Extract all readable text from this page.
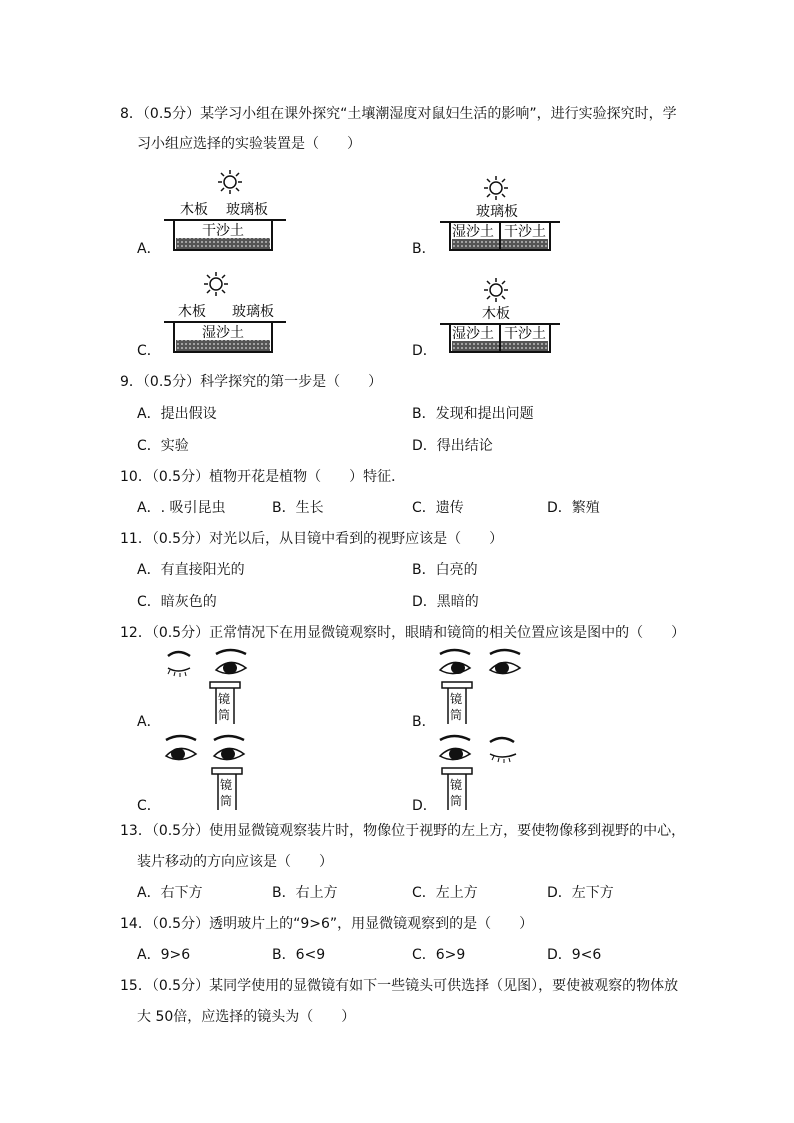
8．（0.5分）某学习小组在课外探究“土壤潮湿度对鼠妇生活的影响”，进行实验探究时，学
习小组应选择的实验装置是（　　）
A．
木板 玻璃板
干沙土
B．
玻璃板
湿沙土 干沙土
C．
木板 玻璃板
湿沙土
D．
木板
湿沙土 干沙土
9．（0.5分）科学探究的第一步是（　　）
A．提出假设	B．发现和提出问题
C．实验	D．得出结论
10．（0.5分）植物开花是植物（　　）特征．
A．. 吸引昆虫	B．生长	C．遗传	D．繁殖
11．（0.5分）对光以后，从目镜中看到的视野应该是（　　）
A．有直接阳光的	B．白亮的
C．暗灰色的	D．黑暗的
12．（0.5分）正常情况下在用显微镜观察时，眼睛和镜筒的相关位置应该是图中的（　　）
A．
镜
筒	B．
镜
筒
C．
镜
筒	D．
镜
筒
13．（0.5分）使用显微镜观察装片时，物像位于视野的左上方，要使物像移到视野的中心，
装片移动的方向应该是（　　）
A．右下方	B．右上方	C．左上方	D．左下方
14．（0.5分）透明玻片上的“9>6”，用显微镜观察到的是（　　）
A．9>6	B．6<9	C．6>9	D．9<6
15．（0.5分）某同学使用的显微镜有如下一些镜头可供选择（见图），要使被观察的物体放
大 50倍，应选择的镜头为（　　）
